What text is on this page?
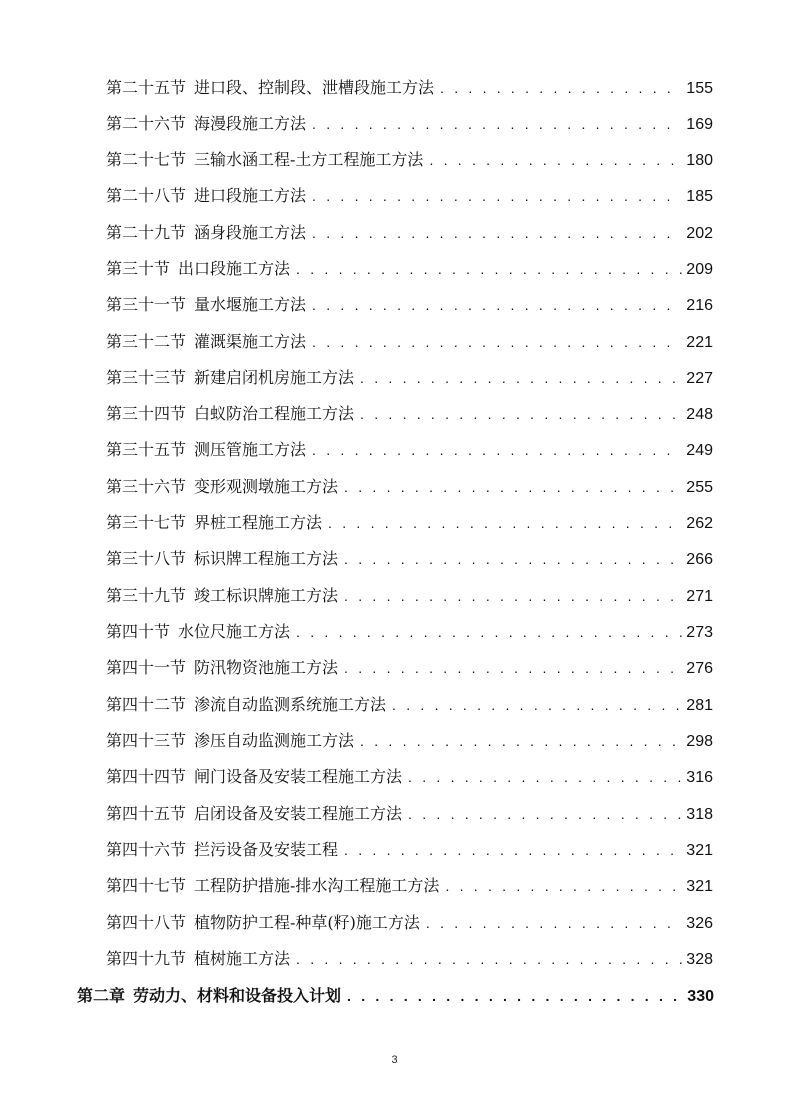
第二十五节 进口段、控制段、泄槽段施工方法 . . .	155
第二十六节 海漫段施工方法 . . .	169
第二十七节 三输水涵工程-土方工程施工方法 . . .	180
第二十八节 进口段施工方法 . . .	185
第二十九节 涵身段施工方法 . . .	202
第三十节 出口段施工方法 . . .	209
第三十一节 量水堰施工方法 . . .	216
第三十二节 灌溉渠施工方法 . . .	221
第三十三节 新建启闭机房施工方法 . . .	227
第三十四节 白蚁防治工程施工方法 . . .	248
第三十五节 测压管施工方法 . . .	249
第三十六节 变形观测墩施工方法 . . .	255
第三十七节 界桩工程施工方法 . . .	262
第三十八节 标识牌工程施工方法 . . .	266
第三十九节 竣工标识牌施工方法 . . .	271
第四十节 水位尺施工方法 . . .	273
第四十一节 防汛物资池施工方法 . . .	276
第四十二节 渗流自动监测系统施工方法 . . .	281
第四十三节 渗压自动监测施工方法 . . .	298
第四十四节 闸门设备及安装工程施工方法 . . .	316
第四十五节 启闭设备及安装工程施工方法 . . .	318
第四十六节 拦污设备及安装工程 . . .	321
第四十七节 工程防护措施-排水沟工程施工方法 . . .	321
第四十八节 植物防护工程-种草(籽)施工方法 . . .	326
第四十九节 植树施工方法 . . .	328
第二章 劳动力、材料和设备投入计划 . . .	330
3
